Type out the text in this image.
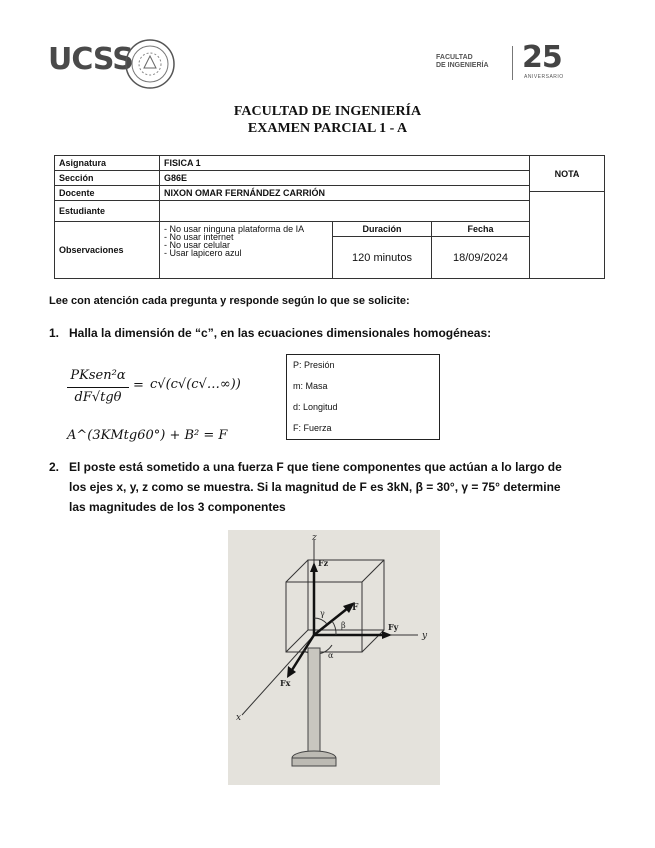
UCSS	FACULTAD
DE INGENIERÍA 25
ANIVERSARIO
FACULTAD DE INGENIERÍA
EXAMEN PARCIAL 1 - A
Asignatura	FISICA 1
Sección	G86E
Docente	NIXON OMAR FERNÁNDEZ CARRIÓN
Estudiante
Observaciones
- No usar ninguna plataforma de IA
- No usar internet
- No usar celular
- Usar lapicero azul
Duración	Fecha
120 minutos	18/09/2024
NOTA
Lee con atención cada pregunta y responde según lo que se solicite:
1. Halla la dimensión de “c”, en las ecuaciones dimensionales homogéneas:
PKsen²α
dF√tgθ
= c√(c√(c√…∞))
A^(3KMtg60°) + B² = F
P: Presión
m: Masa
d: Longitud
F: Fuerza
2. El poste está sometido a una fuerza F que tiene componentes que actúan a lo largo de
los ejes x, y, z como se muestra. Si la magnitud de F es 3kN, β = 30°, γ = 75° determine
las magnitudes de los 3 componentes
z
y
x
Fz
Fy
Fx
F
γ
β
α
